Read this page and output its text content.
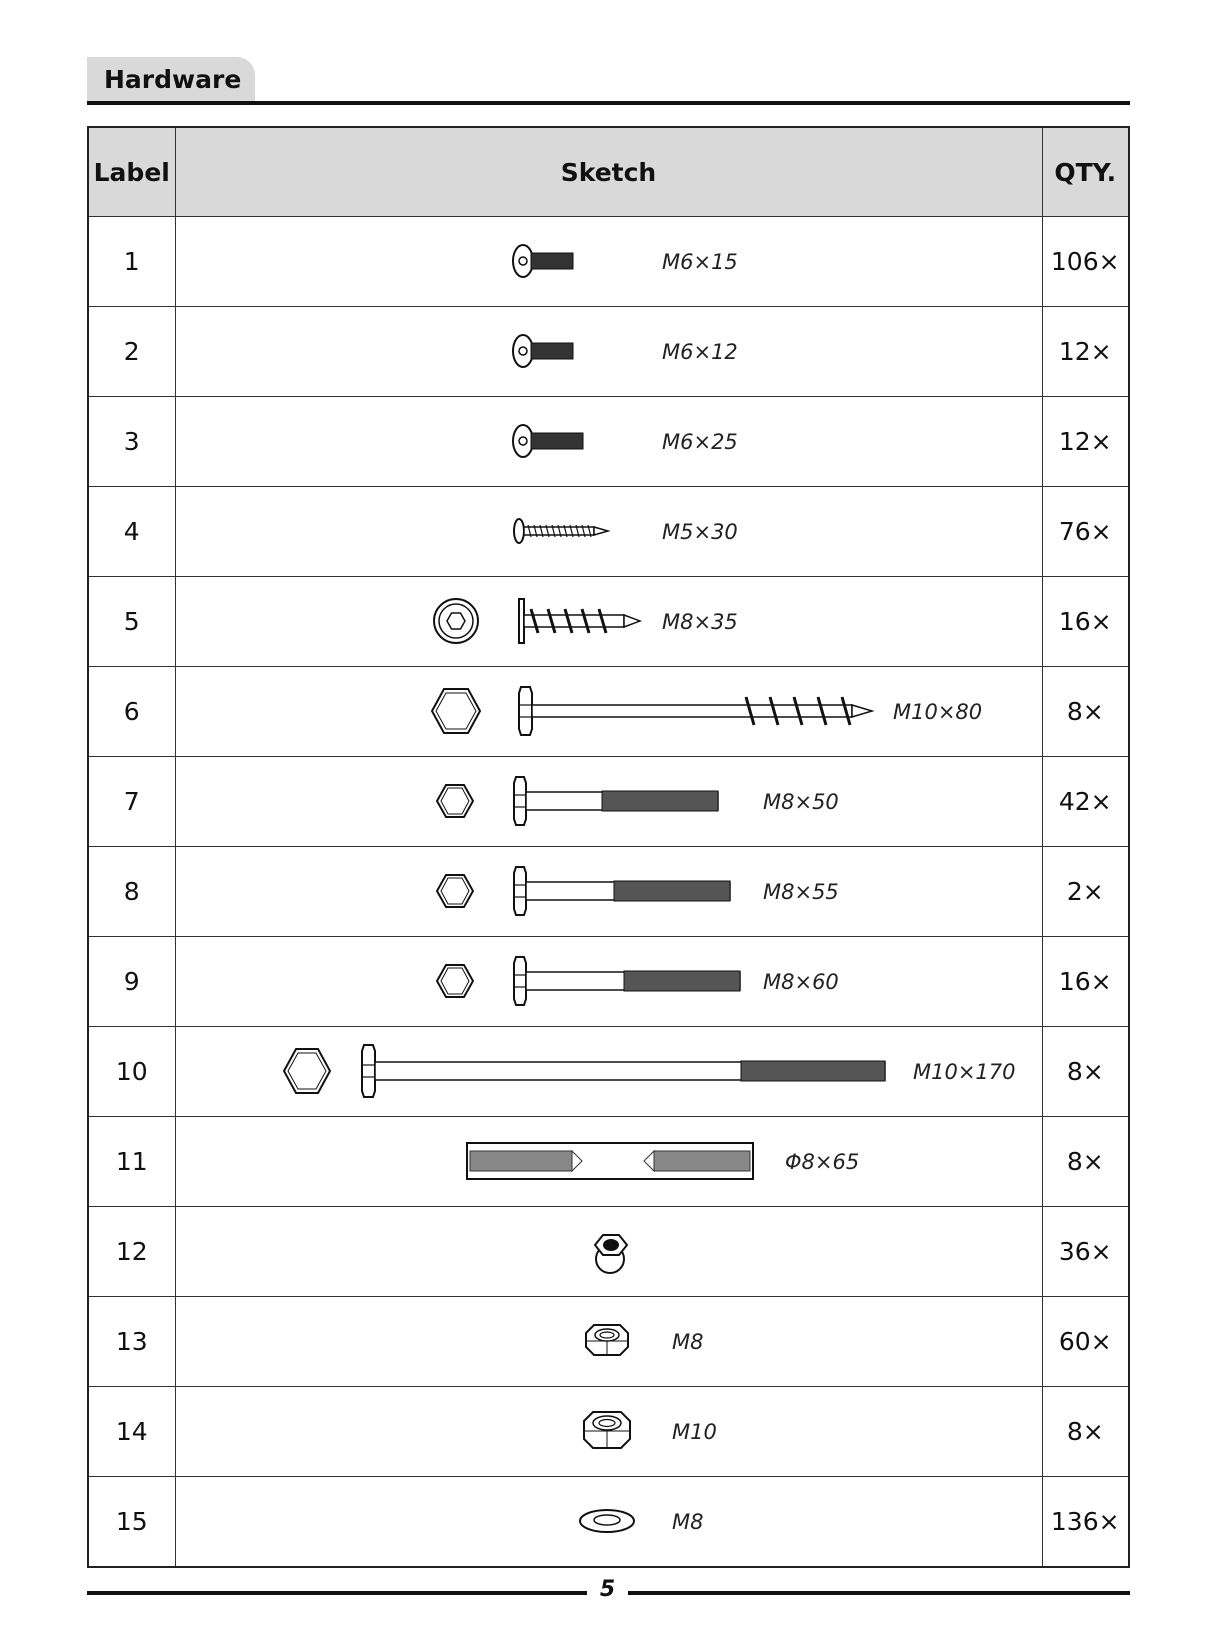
Hardware
Label	Sketch	QTY.
1	M6×15	106×
2	M6×12	12×
3	M6×25	12×
4	M5×30	76×
5	M8×35	16×
6	M10×80	8×
7	M8×50	42×
8	M8×55	2×
9	M8×60	16×
10	M10×170	8×
11	Φ8×65	8×
12		36×
13	M8	60×
14	M10	8×
15	M8	136×
5
